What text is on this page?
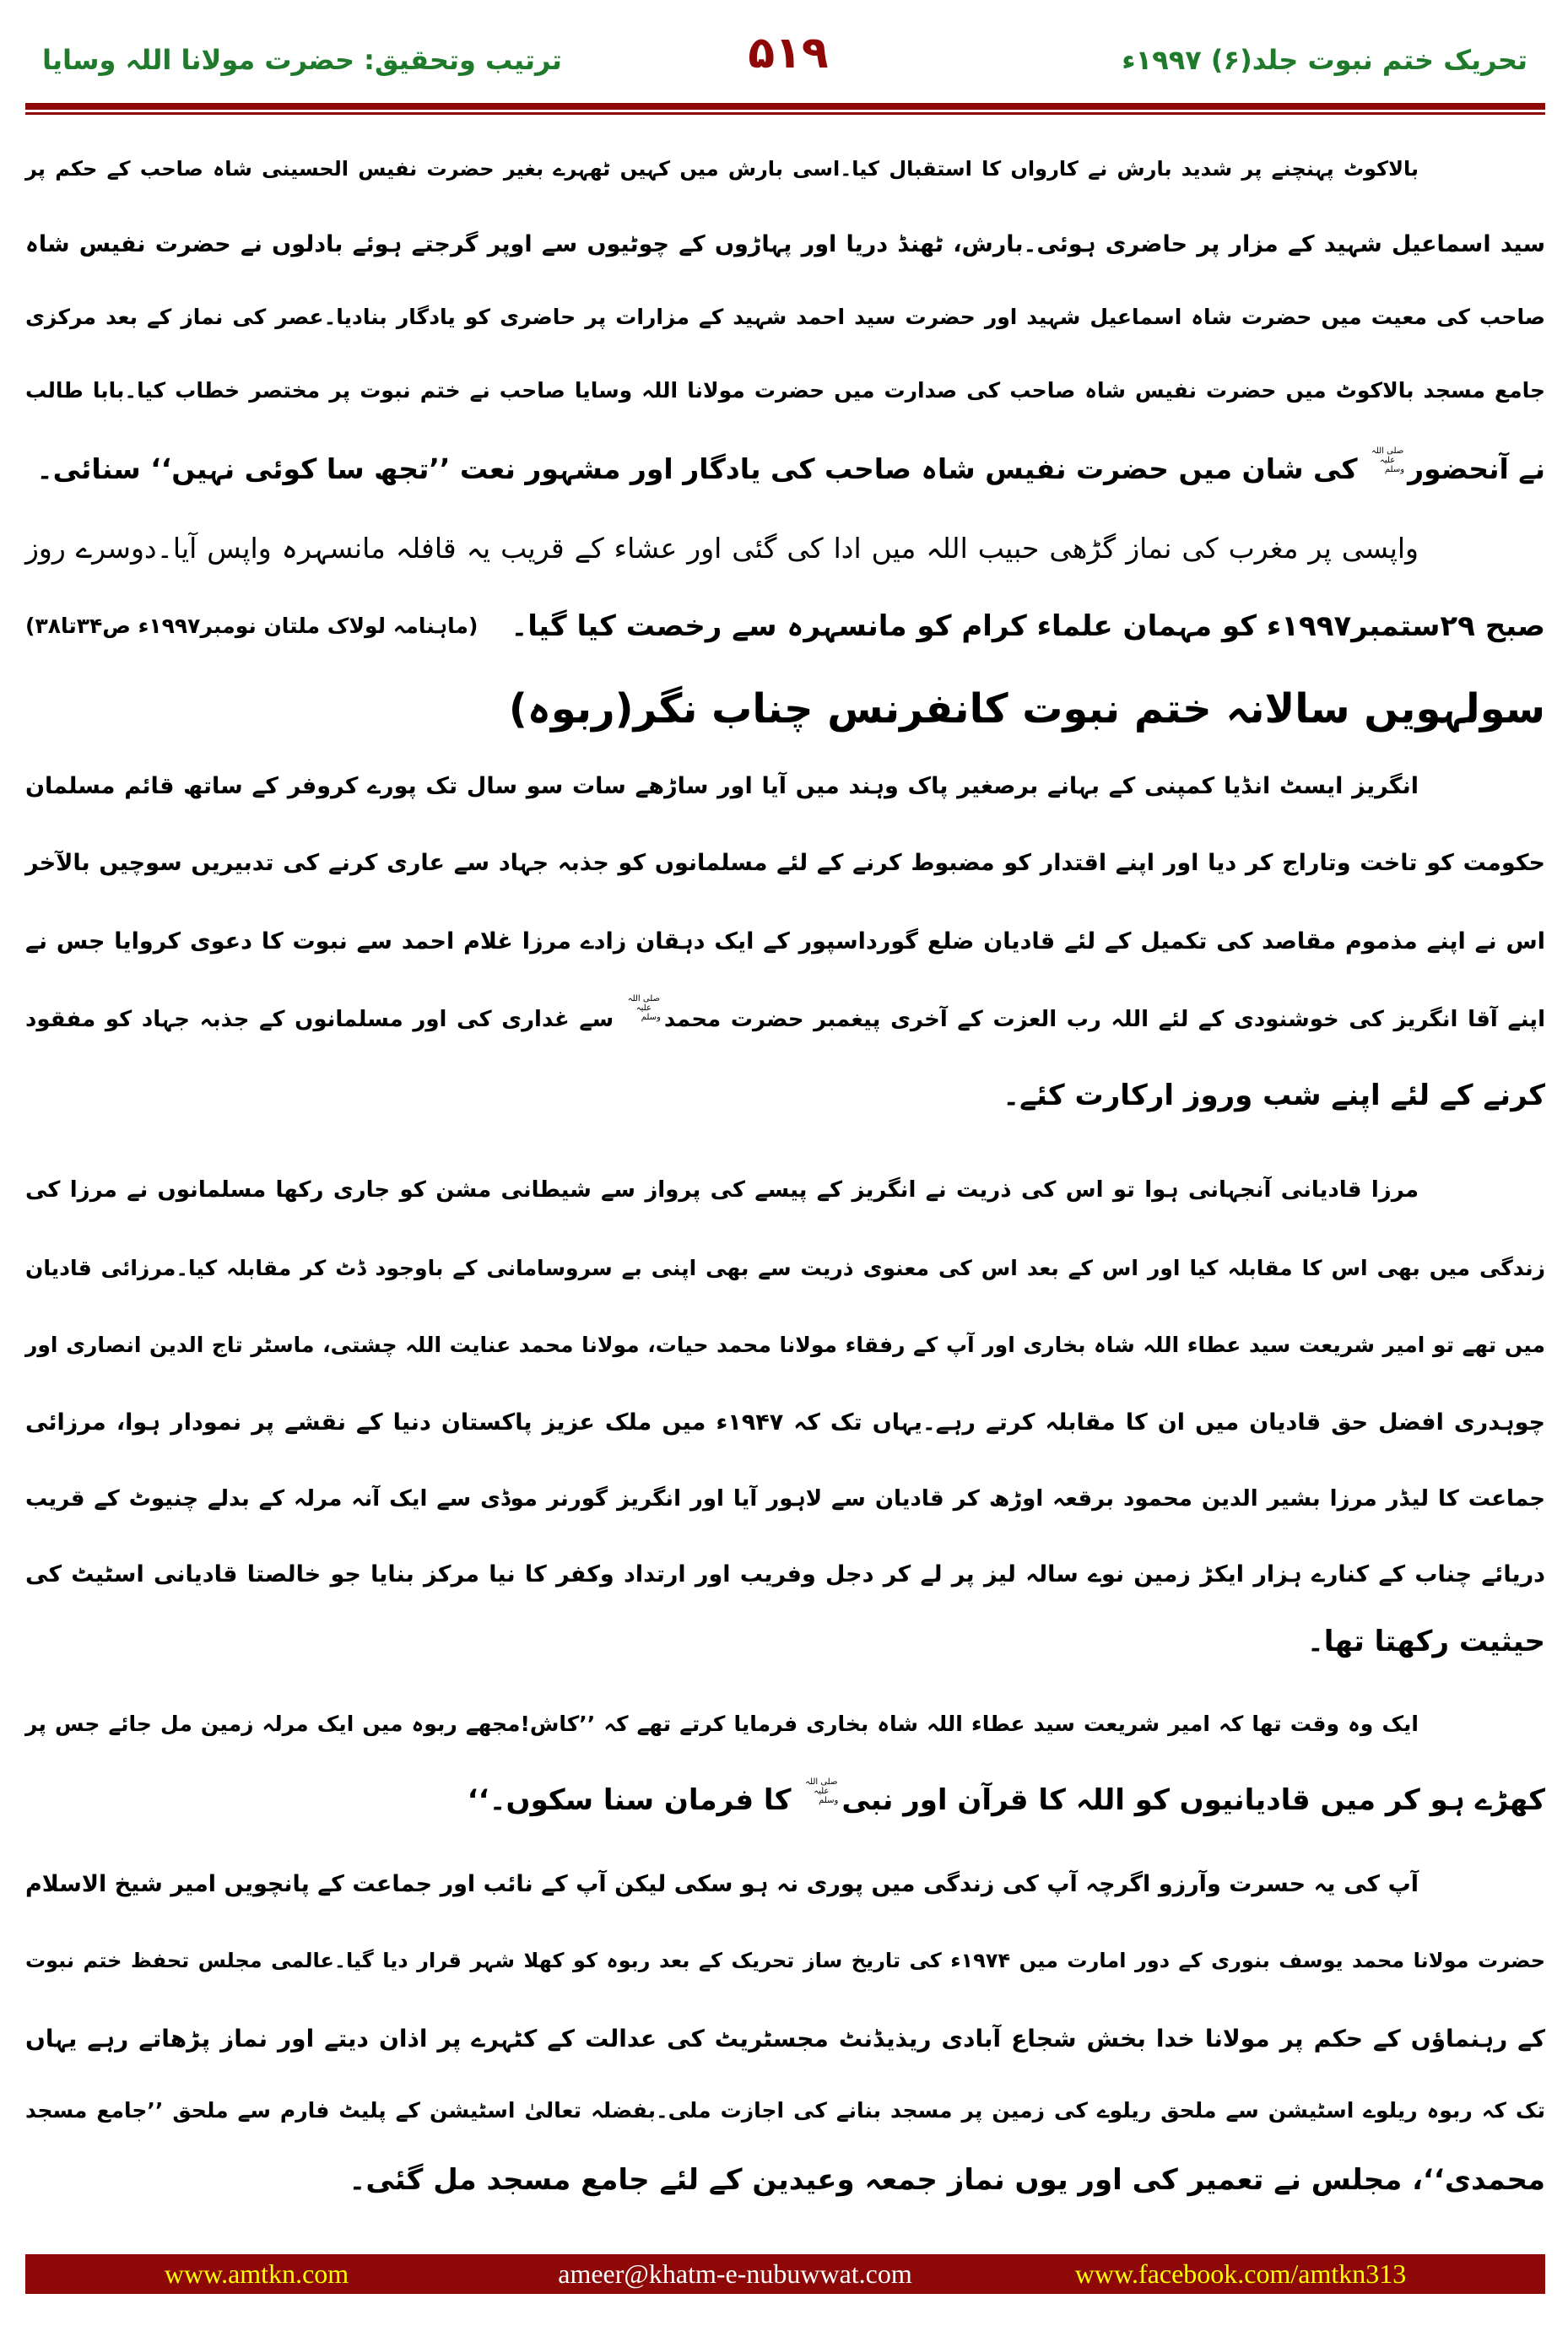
تحریک ختم نبوت جلد(۶) ۱۹۹۷ء
۵۱۹
ترتیب وتحقیق: حضرت مولانا اللہ وسایا
بالاکوٹ پہنچنے پر شدید بارش نے کارواں کا استقبال کیا۔اسی بارش میں کہیں ٹھہرے بغیر حضرت نفیس الحسینی شاہ صاحب کے حکم پر
سید اسماعیل شہید کے مزار پر حاضری ہوئی۔بارش، ٹھنڈ دریا اور پہاڑوں کے چوٹیوں سے اوپر گرجتے ہوئے بادلوں نے حضرت نفیس شاہ
صاحب کی معیت میں حضرت شاہ اسماعیل شہید اور حضرت سید احمد شہید کے مزارات پر حاضری کو یادگار بنادیا۔عصر کی نماز کے بعد مرکزی
جامع مسجد بالاکوٹ میں حضرت نفیس شاہ صاحب کی صدارت میں حضرت مولانا اللہ وسایا صاحب نے ختم نبوت پر مختصر خطاب کیا۔بابا طالب
نے آنحضورصلی اللہ علیہ وسلم کی شان میں حضرت نفیس شاہ صاحب کی یادگار اور مشہور نعت ’’تجھ سا کوئی نہیں‘‘ سنائی۔
واپسی پر مغرب کی نماز گڑھی حبیب اللہ میں ادا کی گئی اور عشاء کے قریب یہ قافلہ مانسہرہ واپس آیا۔دوسرے روز
صبح ۲۹ستمبر۱۹۹۷ء کو مہمان علماء کرام کو مانسہرہ سے رخصت کیا گیا۔
(ماہنامہ لولاک ملتان نومبر۱۹۹۷ء ص۳۴تا۳۸)
سولہویں سالانہ ختم نبوت کانفرنس چناب نگر(ربوہ)
انگریز ایسٹ انڈیا کمپنی کے بہانے برصغیر پاک وہند میں آیا اور ساڑھے سات سو سال تک پورے کروفر کے ساتھ قائم مسلمان
حکومت کو تاخت وتاراج کر دیا اور اپنے اقتدار کو مضبوط کرنے کے لئے مسلمانوں کو جذبہ جہاد سے عاری کرنے کی تدبیریں سوچیں بالآخر
اس نے اپنے مذموم مقاصد کی تکمیل کے لئے قادیان ضلع گورداسپور کے ایک دہقان زادے مرزا غلام احمد سے نبوت کا دعوی کروایا جس نے
اپنے آقا انگریز کی خوشنودی کے لئے اللہ رب العزت کے آخری پیغمبر حضرت محمدصلی اللہ علیہ وسلم سے غداری کی اور مسلمانوں کے جذبہ جہاد کو مفقود
کرنے کے لئے اپنے شب وروز ارکارت کئے۔
مرزا قادیانی آنجہانی ہوا تو اس کی ذریت نے انگریز کے پیسے کی پرواز سے شیطانی مشن کو جاری رکھا مسلمانوں نے مرزا کی
زندگی میں بھی اس کا مقابلہ کیا اور اس کے بعد اس کی معنوی ذریت سے بھی اپنی بے سروسامانی کے باوجود ڈٹ کر مقابلہ کیا۔مرزائی قادیان
میں تھے تو امیر شریعت سید عطاء اللہ شاہ بخاری اور آپ کے رفقاء مولانا محمد حیات، مولانا محمد عنایت اللہ چشتی، ماسٹر تاج الدین انصاری اور
چوہدری افضل حق قادیان میں ان کا مقابلہ کرتے رہے۔یہاں تک کہ ۱۹۴۷ء میں ملک عزیز پاکستان دنیا کے نقشے پر نمودار ہوا، مرزائی
جماعت کا لیڈر مرزا بشیر الدین محمود برقعہ اوڑھ کر قادیان سے لاہور آیا اور انگریز گورنر موڈی سے ایک آنہ مرلہ کے بدلے چنیوٹ کے قریب
دریائے چناب کے کنارے ہزار ایکڑ زمین نوے سالہ لیز پر لے کر دجل وفریب اور ارتداد وکفر کا نیا مرکز بنایا جو خالصتا قادیانی اسٹیٹ کی
حیثیت رکھتا تھا۔
ایک وہ وقت تھا کہ امیر شریعت سید عطاء اللہ شاہ بخاری فرمایا کرتے تھے کہ ’’کاش!مجھے ربوہ میں ایک مرلہ زمین مل جائے جس پر
کھڑے ہو کر میں قادیانیوں کو اللہ کا قرآن اور نبیصلی اللہ علیہ وسلم کا فرمان سنا سکوں۔‘‘
آپ کی یہ حسرت وآرزو اگرچہ آپ کی زندگی میں پوری نہ ہو سکی لیکن آپ کے نائب اور جماعت کے پانچویں امیر شیخ الاسلام
حضرت مولانا محمد یوسف بنوری کے دور امارت میں ۱۹۷۴ء کی تاریخ ساز تحریک کے بعد ربوہ کو کھلا شہر قرار دیا گیا۔عالمی مجلس تحفظ ختم نبوت
کے رہنماؤں کے حکم پر مولانا خدا بخش شجاع آبادی ریذیڈنٹ مجسٹریٹ کی عدالت کے کٹہرے پر اذان دیتے اور نماز پڑھاتے رہے یہاں
تک کہ ربوہ ریلوے اسٹیشن سے ملحق ریلوے کی زمین پر مسجد بنانے کی اجازت ملی۔بفضلہ تعالیٰ اسٹیشن کے پلیٹ فارم سے ملحق ’’جامع مسجد
محمدی‘‘، مجلس نے تعمیر کی اور یوں نماز جمعہ وعیدین کے لئے جامع مسجد مل گئی۔
www.amtkn.com	ameer@khatm-e-nubuwwat.com	www.facebook.com/amtkn313
